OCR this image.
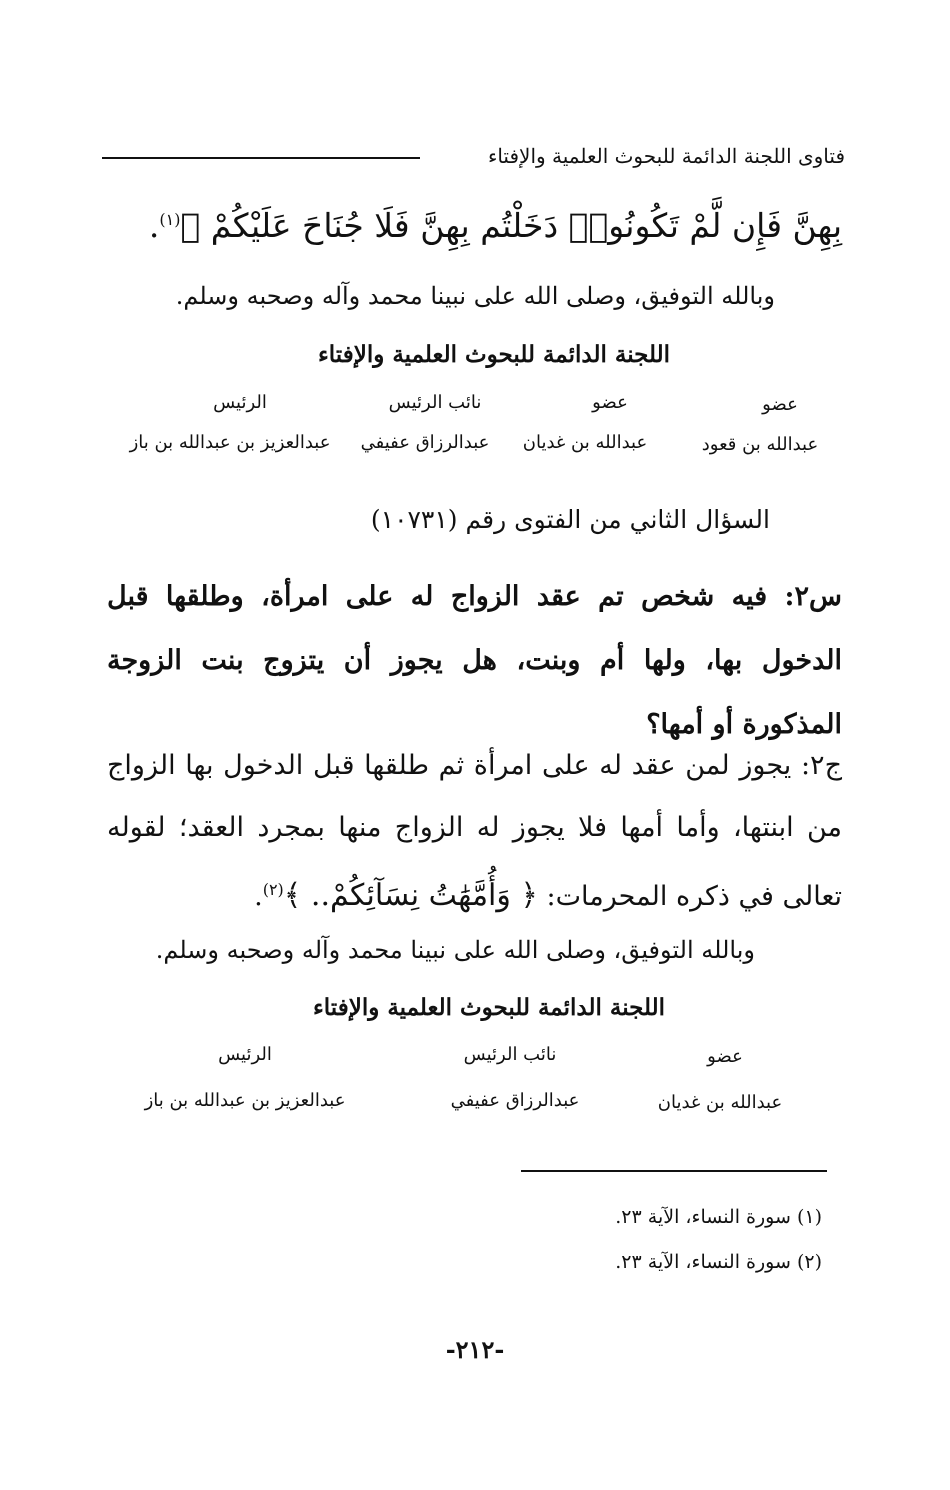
فتاوى اللجنة الدائمة للبحوث العلمية والإفتاء
بِهِنَّ فَإِن لَّمْ تَكُونُوا۟ دَخَلْتُم بِهِنَّ فَلَا جُنَاحَ عَلَيْكُمْ ﴾$^{(١)}$.
وبالله التوفيق، وصلى الله على نبينا محمد وآله وصحبه وسلم.
اللجنة الدائمة للبحوث العلمية والإفتاء
عضو
عضو
نائب الرئيس
الرئيس
عبدالله بن قعود
عبدالله بن غديان
عبدالرزاق عفيفي
عبدالعزيز بن عبدالله بن باز
السؤال الثاني من الفتوى رقم (١٠٧٣١)
س٢: فيه شخص تم عقد الزواج له على امرأة، وطلقها قبل الدخول بها، ولها أم وبنت، هل يجوز أن يتزوج بنت الزوجة المذكورة أو أمها؟
ج٢: يجوز لمن عقد له على امرأة ثم طلقها قبل الدخول بها الزواج من ابنتها، وأما أمها فلا يجوز له الزواج منها بمجرد العقد؛ لقوله تعالى في ذكره المحرمات: ﴿ وَأُمَّهَٰتُ نِسَآئِكُمْ.. ﴾$^{(٢)}$.
وبالله التوفيق، وصلى الله على نبينا محمد وآله وصحبه وسلم.
اللجنة الدائمة للبحوث العلمية والإفتاء
عضو
نائب الرئيس
الرئيس
عبدالله بن غديان
عبدالرزاق عفيفي
عبدالعزيز بن عبدالله بن باز
(١) سورة النساء، الآية ٢٣.
(٢) سورة النساء، الآية ٢٣.
-٢١٢-
